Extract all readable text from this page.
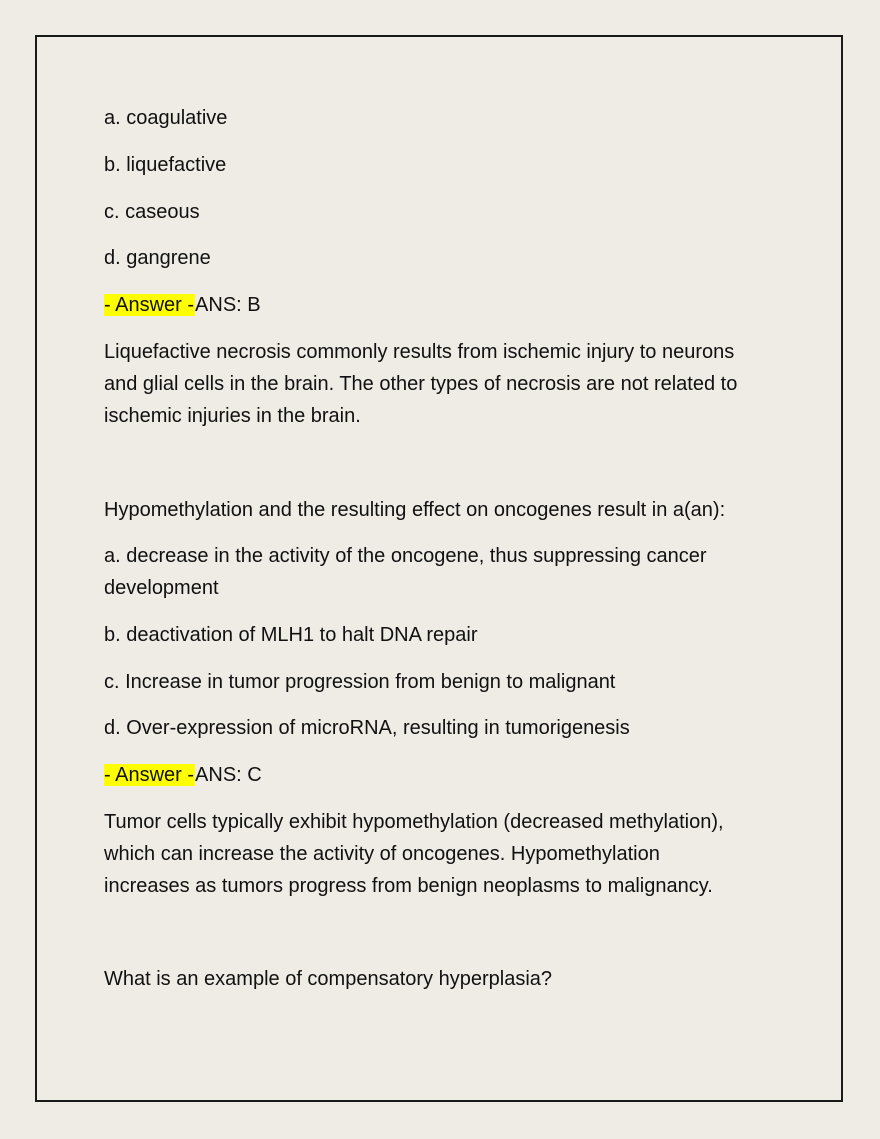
a. coagulative
b. liquefactive
c. caseous
d. gangrene
- Answer -ANS: B
Liquefactive necrosis commonly results from ischemic injury to neurons
and glial cells in the brain. The other types of necrosis are not related to
ischemic injuries in the brain.
Hypomethylation and the resulting effect on oncogenes result in a(an):
a. decrease in the activity of the oncogene, thus suppressing cancer
development
b. deactivation of MLH1 to halt DNA repair
c. Increase in tumor progression from benign to malignant
d. Over-expression of microRNA, resulting in tumorigenesis
- Answer -ANS: C
Tumor cells typically exhibit hypomethylation (decreased methylation),
which can increase the activity of oncogenes. Hypomethylation
increases as tumors progress from benign neoplasms to malignancy.
What is an example of compensatory hyperplasia?
